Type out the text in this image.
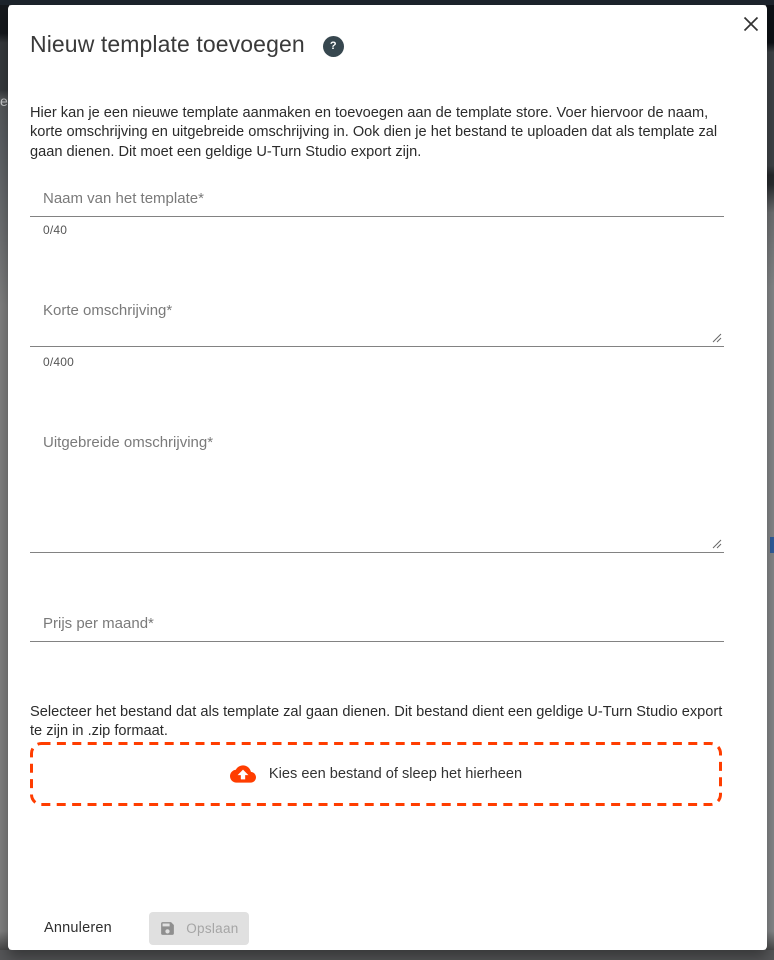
e
Nieuw template toevoegen	?

Hier kan je een nieuwe template aanmaken en toevoegen aan de template store. Voer hiervoor de naam, korte omschrijving en uitgebreide omschrijving in. Ook dien je het bestand te uploaden dat als template zal gaan dienen. Dit moet een geldige U-Turn Studio export zijn.

Naam van het template*
0/40
Korte omschrijving*
0/400
Uitgebreide omschrijving*
Prijs per maand*

Selecteer het bestand dat als template zal gaan dienen. Dit bestand dient een geldige U-Turn Studio export te zijn in .zip formaat.

Kies een bestand of sleep het hierheen
Annuleren	Opslaan
